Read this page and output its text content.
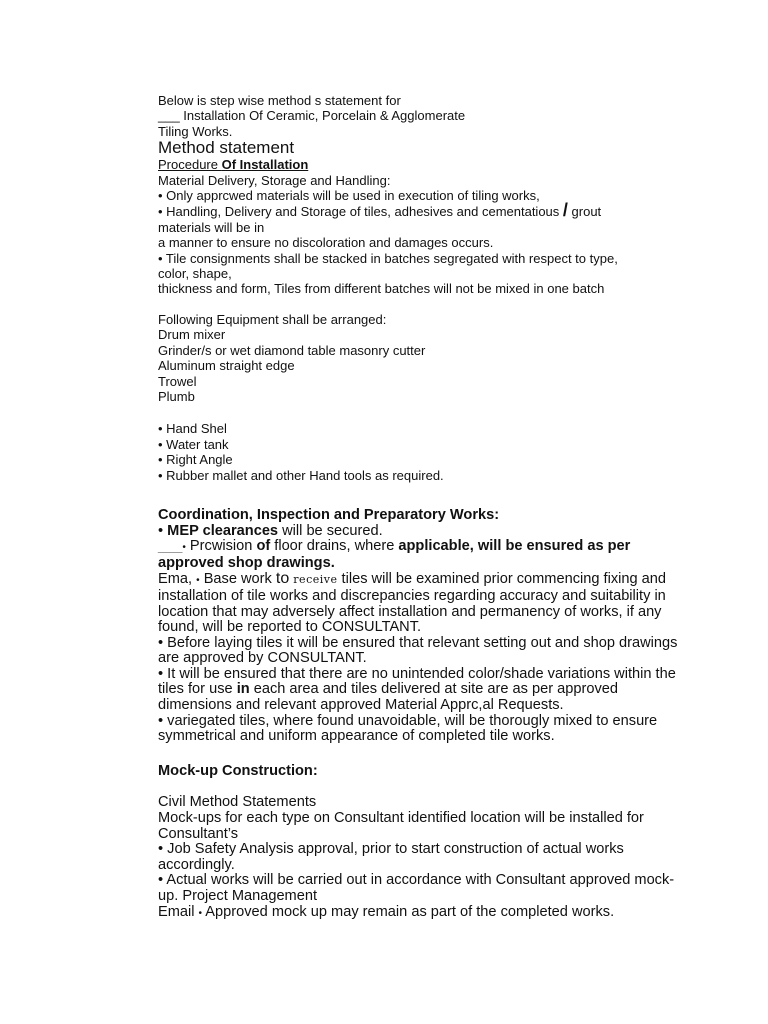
Below is step wise method s statement for
___ Installation Of Ceramic, Porcelain & Agglomerate
Tiling Works.
Method statement
Procedure Of Installation
Material Delivery, Storage and Handling:
• Only apprcwed materials will be used in execution of tiling works,
• Handling, Delivery and Storage of tiles, adhesives and cementatious / grout
materials will be in
a manner to ensure no discoloration and damages occurs.
• Tile consignments shall be stacked in batches segregated with respect to type,
color, shape,
thickness and form, Tiles from different batches will not be mixed in one batch
Following Equipment shall be arranged:
Drum mixer
Grinder/s or wet diamond table masonry cutter
Aluminum straight edge
Trowel
Plumb
• Hand Shel
• Water tank
• Right Angle
• Rubber mallet and other Hand tools as required.
Coordination, Inspection and Preparatory Works:
• MEP clearances will be secured.
___• Prcwision of floor drains, where applicable, will be ensured as per approved shop drawings.
Ema, • Base work to receive tiles will be examined prior commencing fixing and installation of tile works and discrepancies regarding accuracy and suitability in location that may adversely affect installation and permanency of works, if any found, will be reported to CONSULTANT.
• Before laying tiles it will be ensured that relevant setting out and shop drawings are approved by CONSULTANT.
• It will be ensured that there are no unintended color/shade variations within the tiles for use in each area and tiles delivered at site are as per approved dimensions and relevant approved Material Apprc,al Requests.
• variegated tiles, where found unavoidable, will be thorougly mixed to ensure symmetrical and uniform appearance of completed tile works.
Mock-up Construction:
Civil Method Statements
Mock-ups for each type on Consultant identified location will be installed for
Consultant’s
• Job Safety Analysis approval, prior to start construction of actual works accordingly.
• Actual works will be carried out in accordance with Consultant approved mock-up. Project Management
Email • Approved mock up may remain as part of the completed works.
